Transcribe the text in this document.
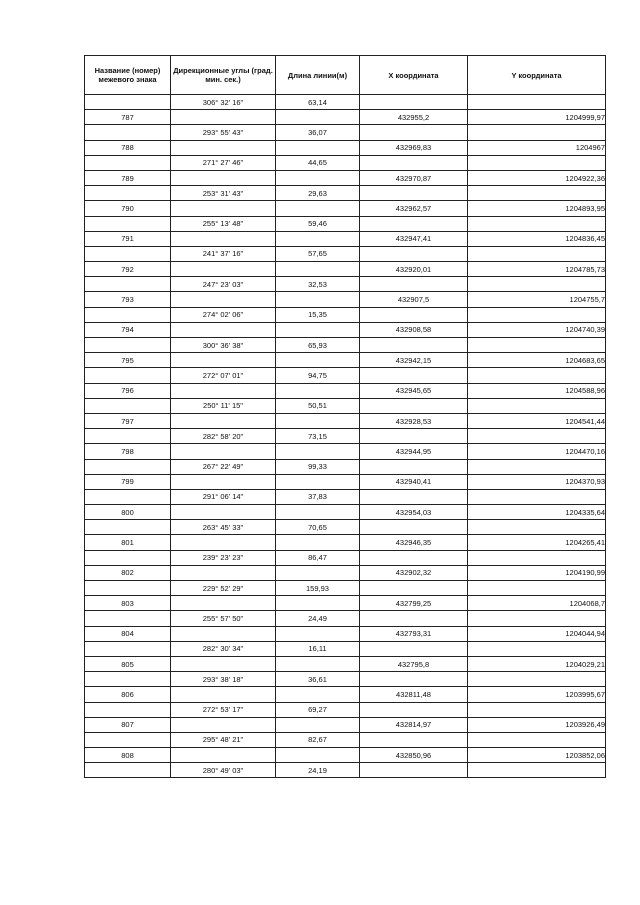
Название (номер) межевого знака	Дирекционные углы (град. мин. сек.)	Длина линии(м)	X координата	Y координата
	306° 32' 16"	63,14		
787			432955,2	1204999,97
	293° 55' 43"	36,07		
788			432969,83	1204967
	271° 27' 46"	44,65		
789			432970,87	1204922,36
	253° 31' 43"	29,63		
790			432962,57	1204893,95
	255° 13' 48"	59,46		
791			432947,41	1204836,45
	241° 37' 16"	57,65		
792			432920,01	1204785,73
	247° 23' 03"	32,53		
793			432907,5	1204755,7
	274° 02' 06"	15,35		
794			432908,58	1204740,39
	300° 36' 38"	65,93		
795			432942,15	1204683,65
	272° 07' 01"	94,75		
796			432945,65	1204588,96
	250° 11' 15"	50,51		
797			432928,53	1204541,44
	282° 58' 20"	73,15		
798			432944,95	1204470,16
	267° 22' 49"	99,33		
799			432940,41	1204370,93
	291° 06' 14"	37,83		
800			432954,03	1204335,64
	263° 45' 33"	70,65		
801			432946,35	1204265,41
	239° 23' 23"	86,47		
802			432902,32	1204190,99
	229° 52' 29"	159,93		
803			432799,25	1204068,7
	255° 57' 50"	24,49		
804			432793,31	1204044,94
	282° 30' 34"	16,11		
805			432795,8	1204029,21
	293° 38' 18"	36,61		
806			432811,48	1203995,67
	272° 53' 17"	69,27		
807			432814,97	1203926,49
	295° 48' 21"	82,67		
808			432850,96	1203852,06
	280° 49' 03"	24,19		
